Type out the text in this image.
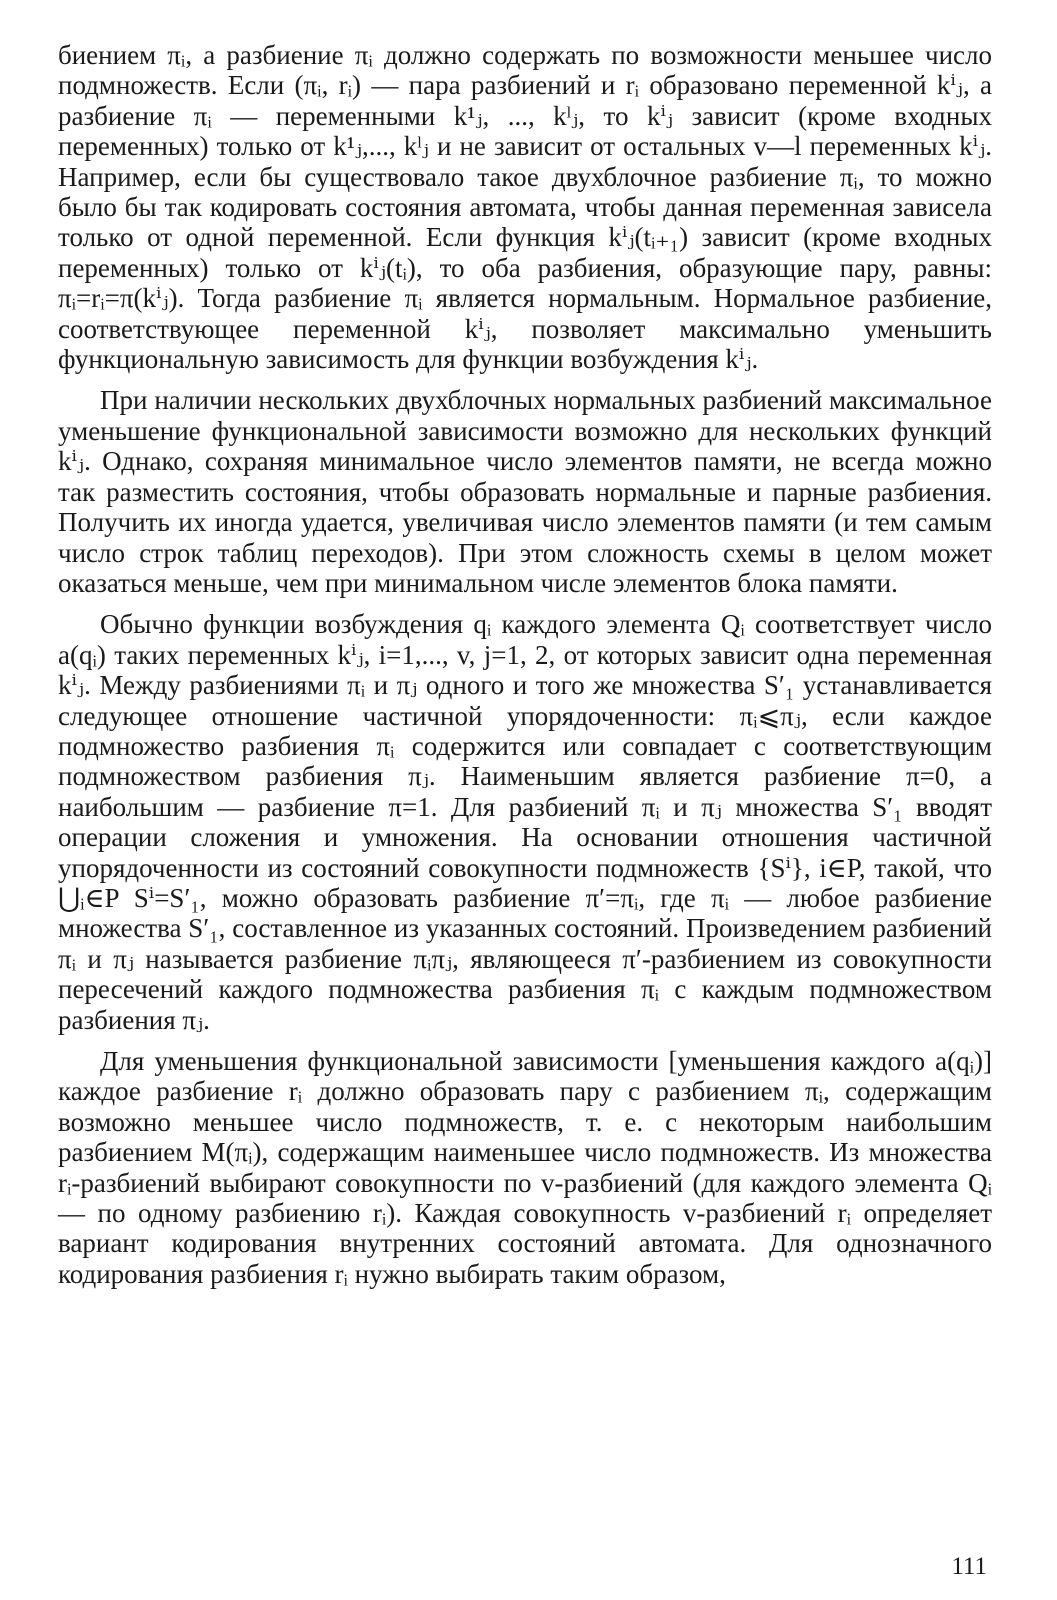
биением πᵢ, а разбиение πᵢ должно содержать по возможности меньшее число подмножеств. Если (πᵢ, rᵢ) — пара разбиений и rᵢ образовано переменной kⁱⱼ, а разбиение πᵢ — переменными k¹ⱼ, ..., kˡⱼ, то kⁱⱼ зависит (кроме входных переменных) только от k¹ⱼ,..., kˡⱼ и не зависит от остальных v—l переменных kⁱⱼ. Например, если бы существовало такое двухблочное разбиение πᵢ, то можно было бы так кодировать состояния автомата, чтобы данная переменная зависела только от одной переменной. Если функция kⁱⱼ(tᵢ₊₁) зависит (кроме входных переменных) только от kⁱⱼ(tᵢ), то оба разбиения, образующие пару, равны: πᵢ=rᵢ=π(kⁱⱼ). Тогда разбиение πᵢ является нормальным. Нормальное разбиение, соответствующее переменной kⁱⱼ, позволяет максимально уменьшить функциональную зависимость для функции возбуждения kⁱⱼ.

При наличии нескольких двухблочных нормальных разбиений максимальное уменьшение функциональной зависимости возможно для нескольких функций kⁱⱼ. Однако, сохраняя минимальное число элементов памяти, не всегда можно так разместить состояния, чтобы образовать нормальные и парные разбиения. Получить их иногда удается, увеличивая число элементов памяти (и тем самым число строк таблиц переходов). При этом сложность схемы в целом может оказаться меньше, чем при минимальном числе элементов блока памяти.

Обычно функции возбуждения qᵢ каждого элемента Qᵢ соответствует число a(qᵢ) таких переменных kⁱⱼ, i=1,..., v, j=1, 2, от которых зависит одна переменная kⁱⱼ. Между разбиениями πᵢ и πⱼ одного и того же множества S′₁ устанавливается следующее отношение частичной упорядоченности: πᵢ⩽πⱼ, если каждое подмножество разбиения πᵢ содержится или совпадает с соответствующим подмножеством разбиения πⱼ. Наименьшим является разбиение π=0, а наибольшим — разбиение π=1. Для разбиений πᵢ и πⱼ множества S′₁ вводят операции сложения и умножения. На основании отношения частичной упорядоченности из состояний совокупности подмножеств {Sⁱ}, i∈P, такой, что ⋃ᵢ∈P Sⁱ=S′₁, можно образовать разбиение π′=πᵢ, где πᵢ — любое разбиение множества S′₁, составленное из указанных состояний. Произведением разбиений πᵢ и πⱼ называется разбиение πᵢπⱼ, являющееся π′-разбиением из совокупности пересечений каждого подмножества разбиения πᵢ с каждым подмножеством разбиения πⱼ.

Для уменьшения функциональной зависимости [уменьшения каждого a(qᵢ)] каждое разбиение rᵢ должно образовать пару с разбиением πᵢ, содержащим возможно меньшее число подмножеств, т. е. с некоторым наибольшим разбиением M(πᵢ), содержащим наименьшее число подмножеств. Из множества rᵢ-разбиений выбирают совокупности по v-разбиений (для каждого элемента Qᵢ — по одному разбиению rᵢ). Каждая совокупность v-разбиений rᵢ определяет вариант кодирования внутренних состояний автомата. Для однозначного кодирования разбиения rᵢ нужно выбирать таким образом,

111
